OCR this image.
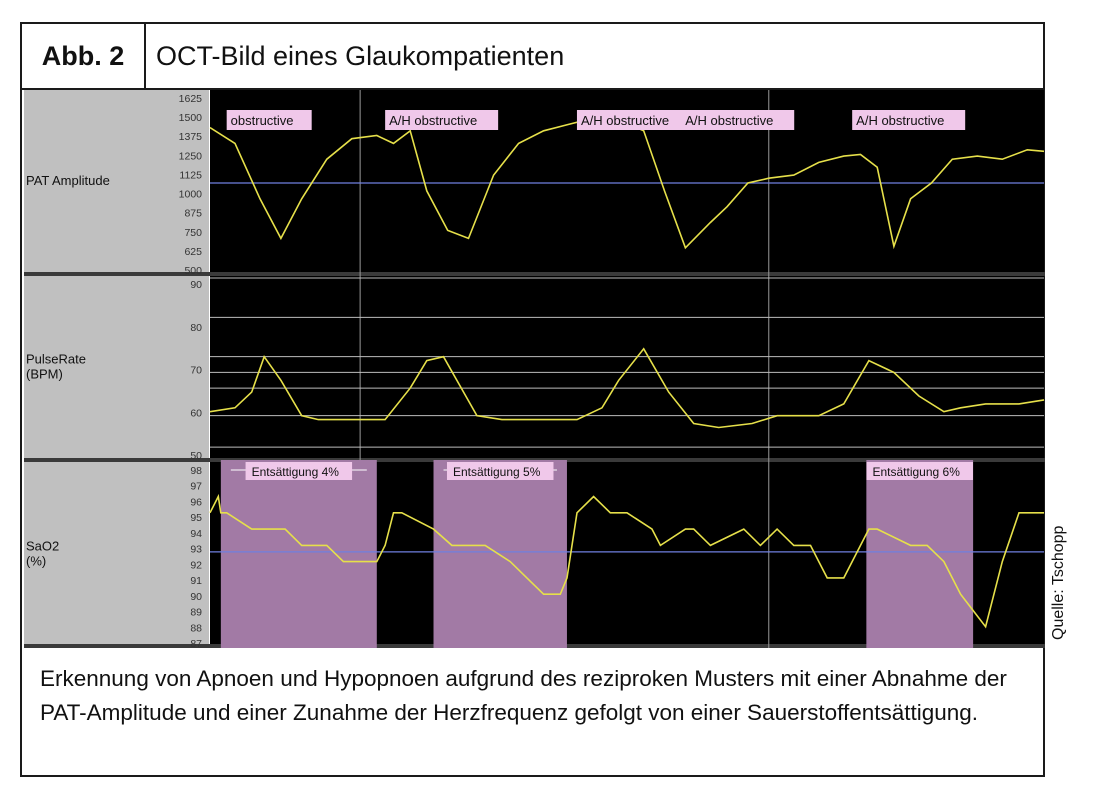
Abb. 2	OCT-Bild eines Glaukompatienten
1625
1500
1375
1250
1125
1000
875
750
625
500
PAT Amplitude
obstructive	A/H obstructive	A/H obstructive A/H obstructive	A/H obstructive
90
80
70
60
50
PulseRate
(BPM)
Entsättigung 4%	Entsättigung 5%	Entsättigung 6%
98
97
96
95
94
93
92
91
90
89
88
87
SaO2
(%)
Erkennung von Apnoen und Hypopnoen aufgrund des reziproken Musters mit einer Abnahme der PAT-Amplitude und einer Zunahme der Herzfrequenz gefolgt von einer Sauerstoffentsättigung.
Quelle: Tschopp
